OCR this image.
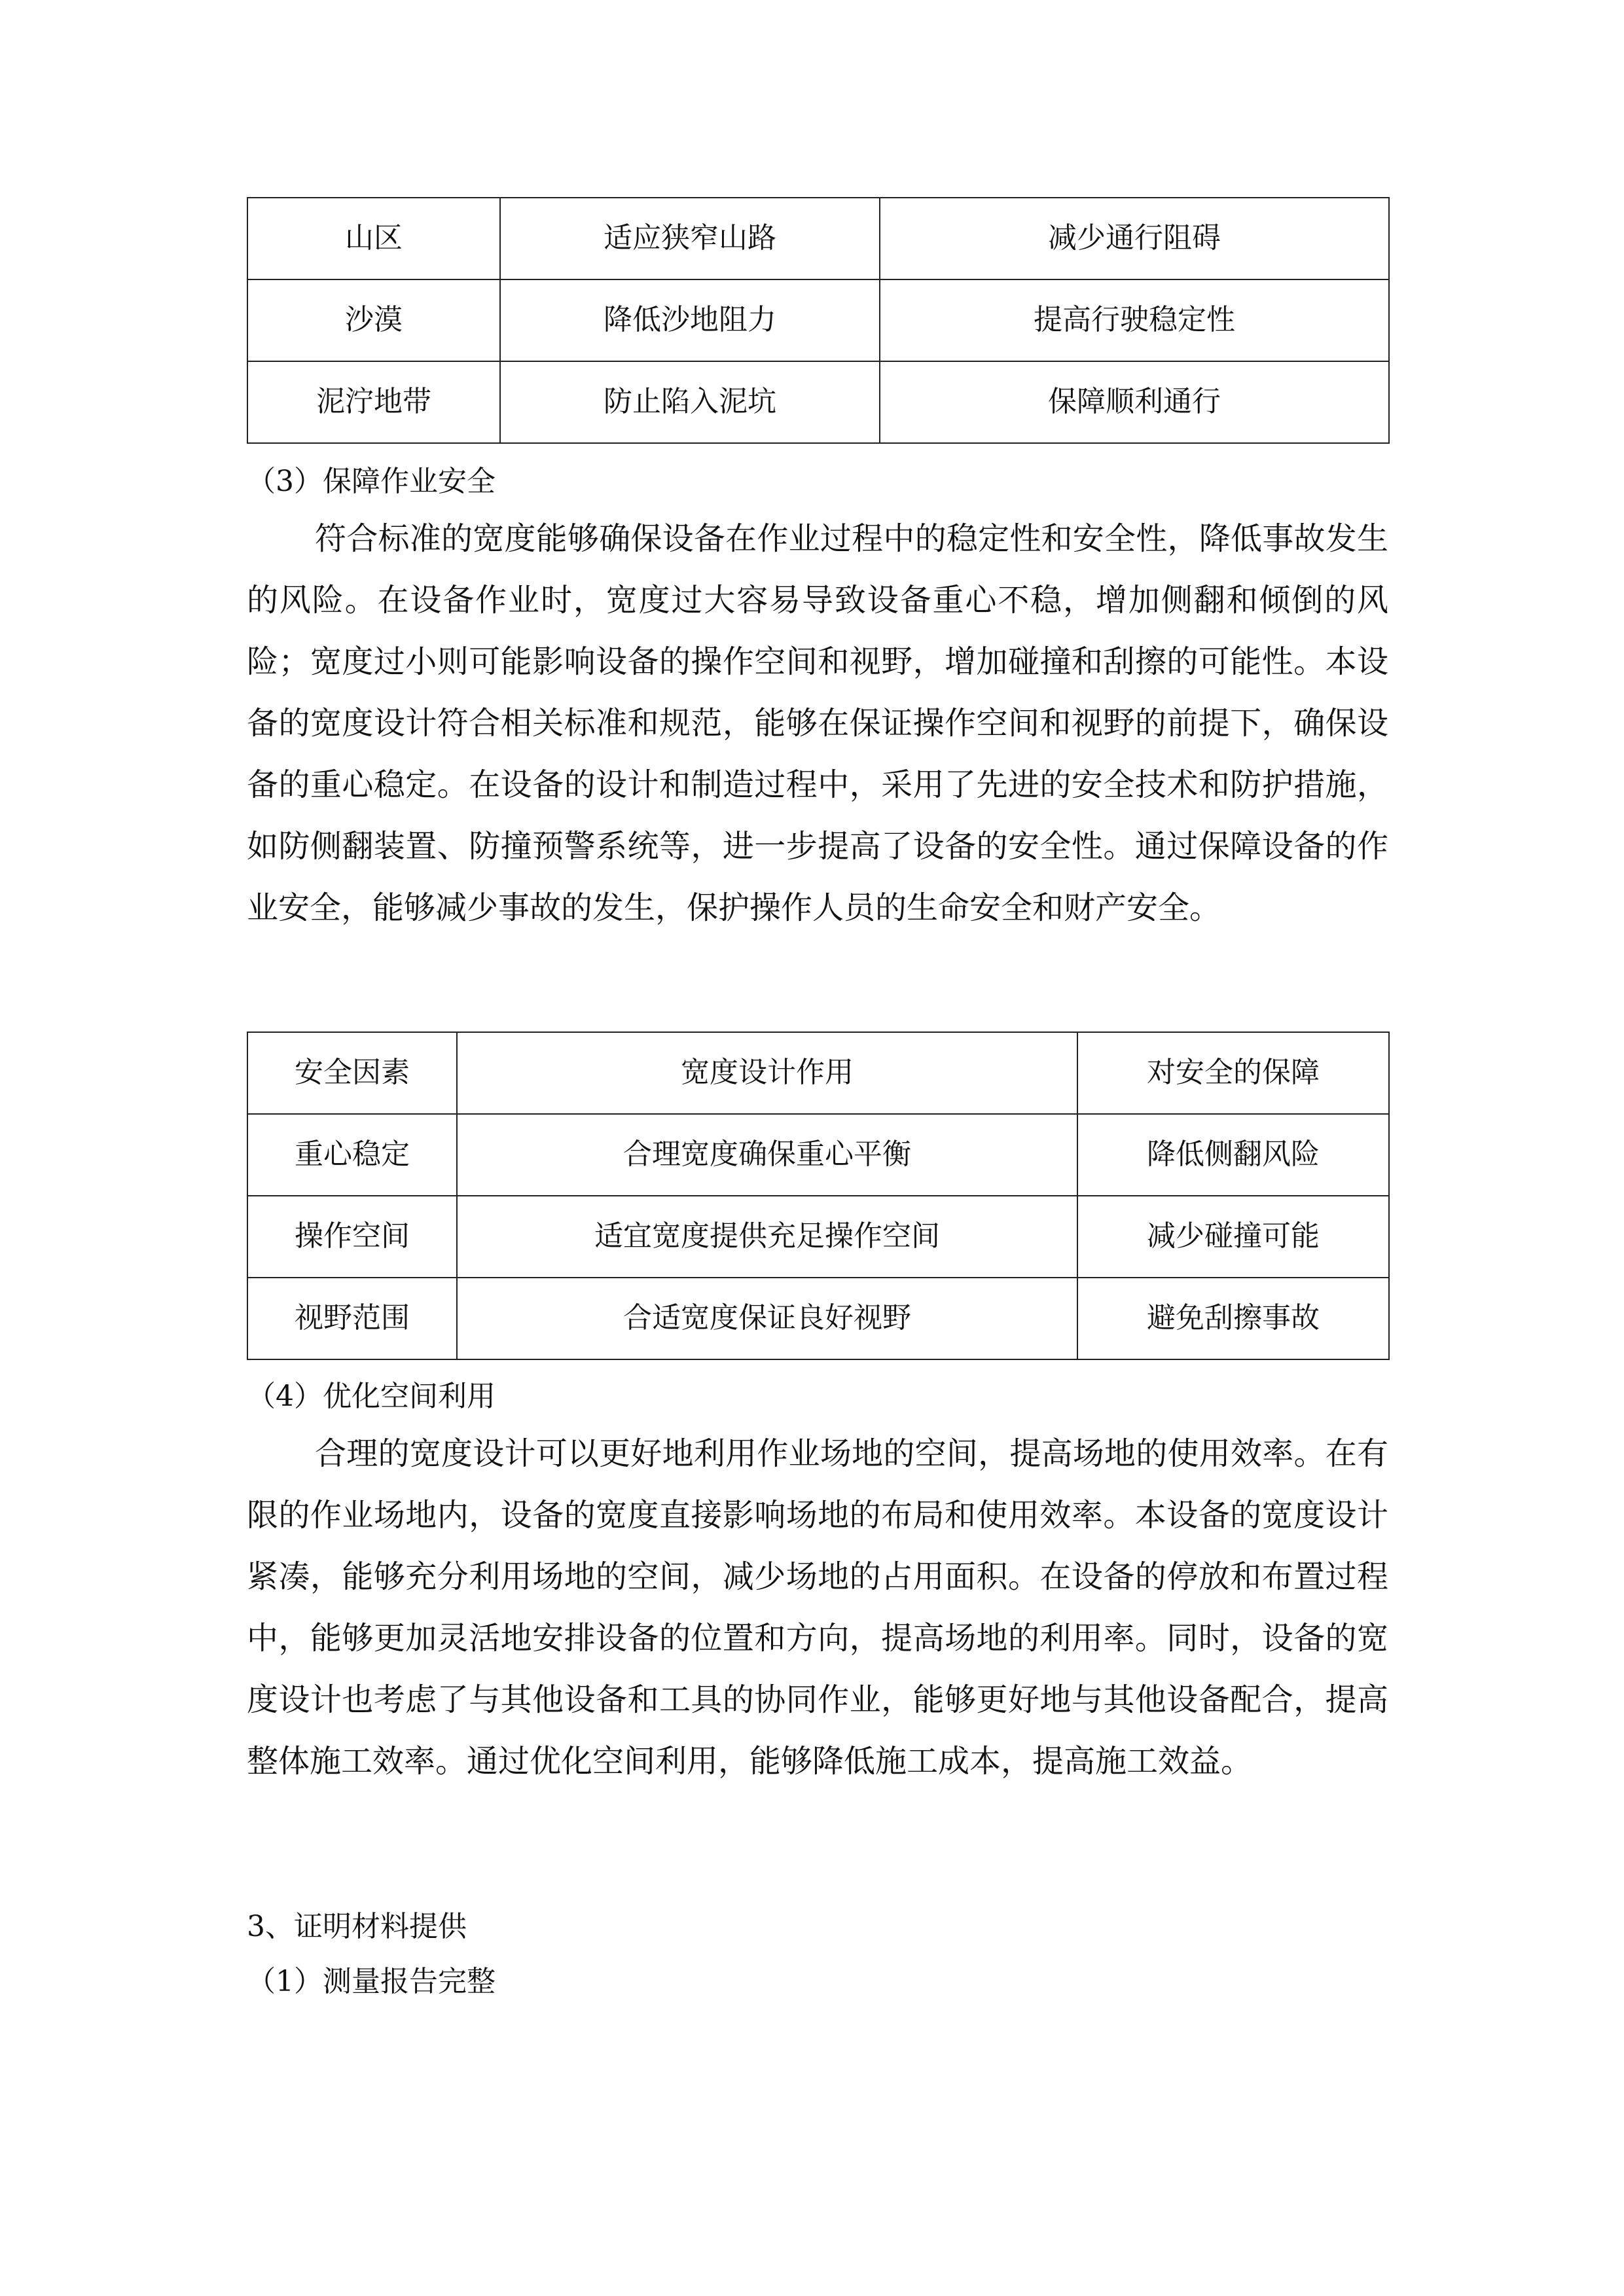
山区	适应狭窄山路	减少通行阻碍
沙漠	降低沙地阻力	提高行驶稳定性
泥泞地带	防止陷入泥坑	保障顺利通行
（3）保障作业安全

符合标准的宽度能够确保设备在作业过程中的稳定性和安全性，降低事故发生的风险。在设备作业时，宽度过大容易导致设备重心不稳，增加侧翻和倾倒的风险；宽度过小则可能影响设备的操作空间和视野，增加碰撞和刮擦的可能性。本设备的宽度设计符合相关标准和规范，能够在保证操作空间和视野的前提下，确保设备的重心稳定。在设备的设计和制造过程中，采用了先进的安全技术和防护措施，如防侧翻装置、防撞预警系统等，进一步提高了设备的安全性。通过保障设备的作业安全，能够减少事故的发生，保护操作人员的生命安全和财产安全。

安全因素	宽度设计作用	对安全的保障
重心稳定	合理宽度确保重心平衡	降低侧翻风险
操作空间	适宜宽度提供充足操作空间	减少碰撞可能
视野范围	合适宽度保证良好视野	避免刮擦事故
（4）优化空间利用

合理的宽度设计可以更好地利用作业场地的空间，提高场地的使用效率。在有限的作业场地内，设备的宽度直接影响场地的布局和使用效率。本设备的宽度设计紧凑，能够充分利用场地的空间，减少场地的占用面积。在设备的停放和布置过程中，能够更加灵活地安排设备的位置和方向，提高场地的利用率。同时，设备的宽度设计也考虑了与其他设备和工具的协同作业，能够更好地与其他设备配合，提高整体施工效率。通过优化空间利用，能够降低施工成本，提高施工效益。

3、证明材料提供
（1）测量报告完整
